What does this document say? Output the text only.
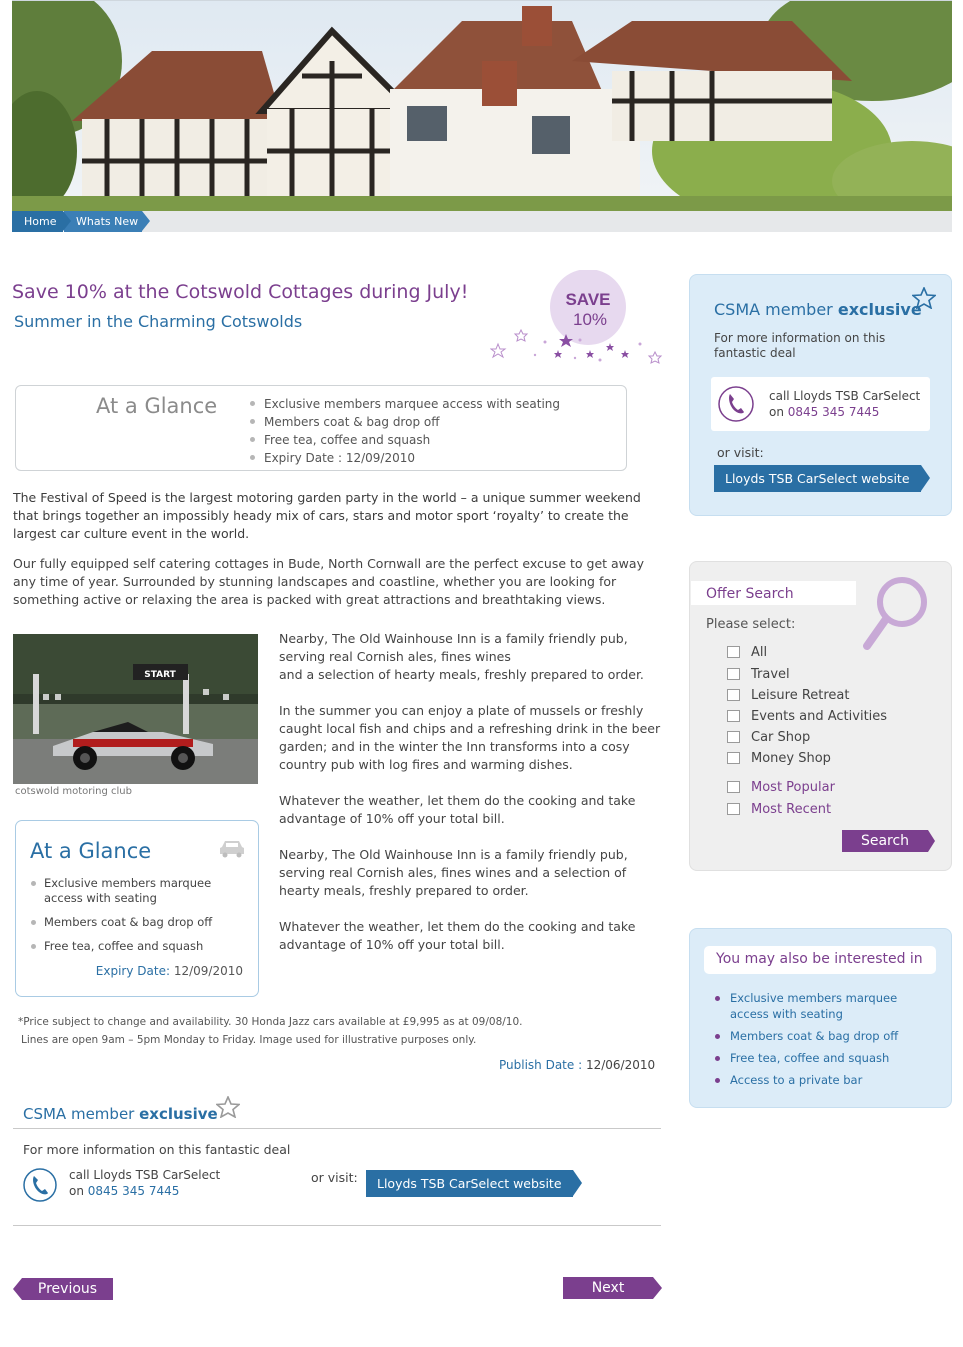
Home	Whats New
Save 10% at the Cotswold Cottages during July!
Summer in the Charming Cotswolds
SAVE
10%
At a Glance	Exclusive members marquee access with seating
Members coat & bag drop off
Free tea, coffee and squash
Expiry Date : 12/09/2010

The Festival of Speed is the largest motoring garden party in the world – a unique summer weekend that brings together an impossibly heady mix of cars, stars and motor sport ‘royalty’ to create the largest car culture event in the world.

Our fully equipped self catering cottages in Bude, North Cornwall are the perfect excuse to get away any time of year. Surrounded by stunning landscapes and coastline, whether you are looking for something active or relaxing the area is packed with great attractions and breathtaking views.

START
cotswold motoring club

Nearby, The Old Wainhouse Inn is a family friendly pub, serving real Cornish ales, fines wines
and a selection of hearty meals, freshly prepared to order.

In the summer you can enjoy a plate of mussels or freshly caught local fish and chips and a refreshing drink in the beer garden; and in the winter the Inn transforms into a cosy country pub with log fires and warming dishes.

Whatever the weather, let them do the cooking and take advantage of 10% off your total bill.

Nearby, The Old Wainhouse Inn is a family friendly pub, serving real Cornish ales, fines wines and a selection of hearty meals, freshly prepared to order.

Whatever the weather, let them do the cooking and take advantage of 10% off your total bill.

At a Glance
Exclusive members marquee access with seating
Members coat & bag drop off
Free tea, coffee and squash
Expiry Date: 12/09/2010
*Price subject to change and availability. 30 Honda Jazz cars available at £9,995 as at 09/08/10.
Lines are open 9am – 5pm Monday to Friday. Image used for illustrative purposes only.
Publish Date : 12/06/2010
CSMA member exclusive
For more information on this fantastic deal
call Lloyds TSB CarSelect
on 0845 345 7445
or visit:	Lloyds TSB CarSelect website
Previous	Next
CSMA member exclusive
For more information on this fantastic deal
call Lloyds TSB CarSelect
on 0845 345 7445
or visit:
Lloyds TSB CarSelect website
Offer Search
Please select:
All
Travel
Leisure Retreat
Events and Activities
Car Shop
Money Shop
Most Popular
Most Recent
Search
You may also be interested in
Exclusive members marquee access with seating
Members coat & bag drop off
Free tea, coffee and squash
Access to a private bar
